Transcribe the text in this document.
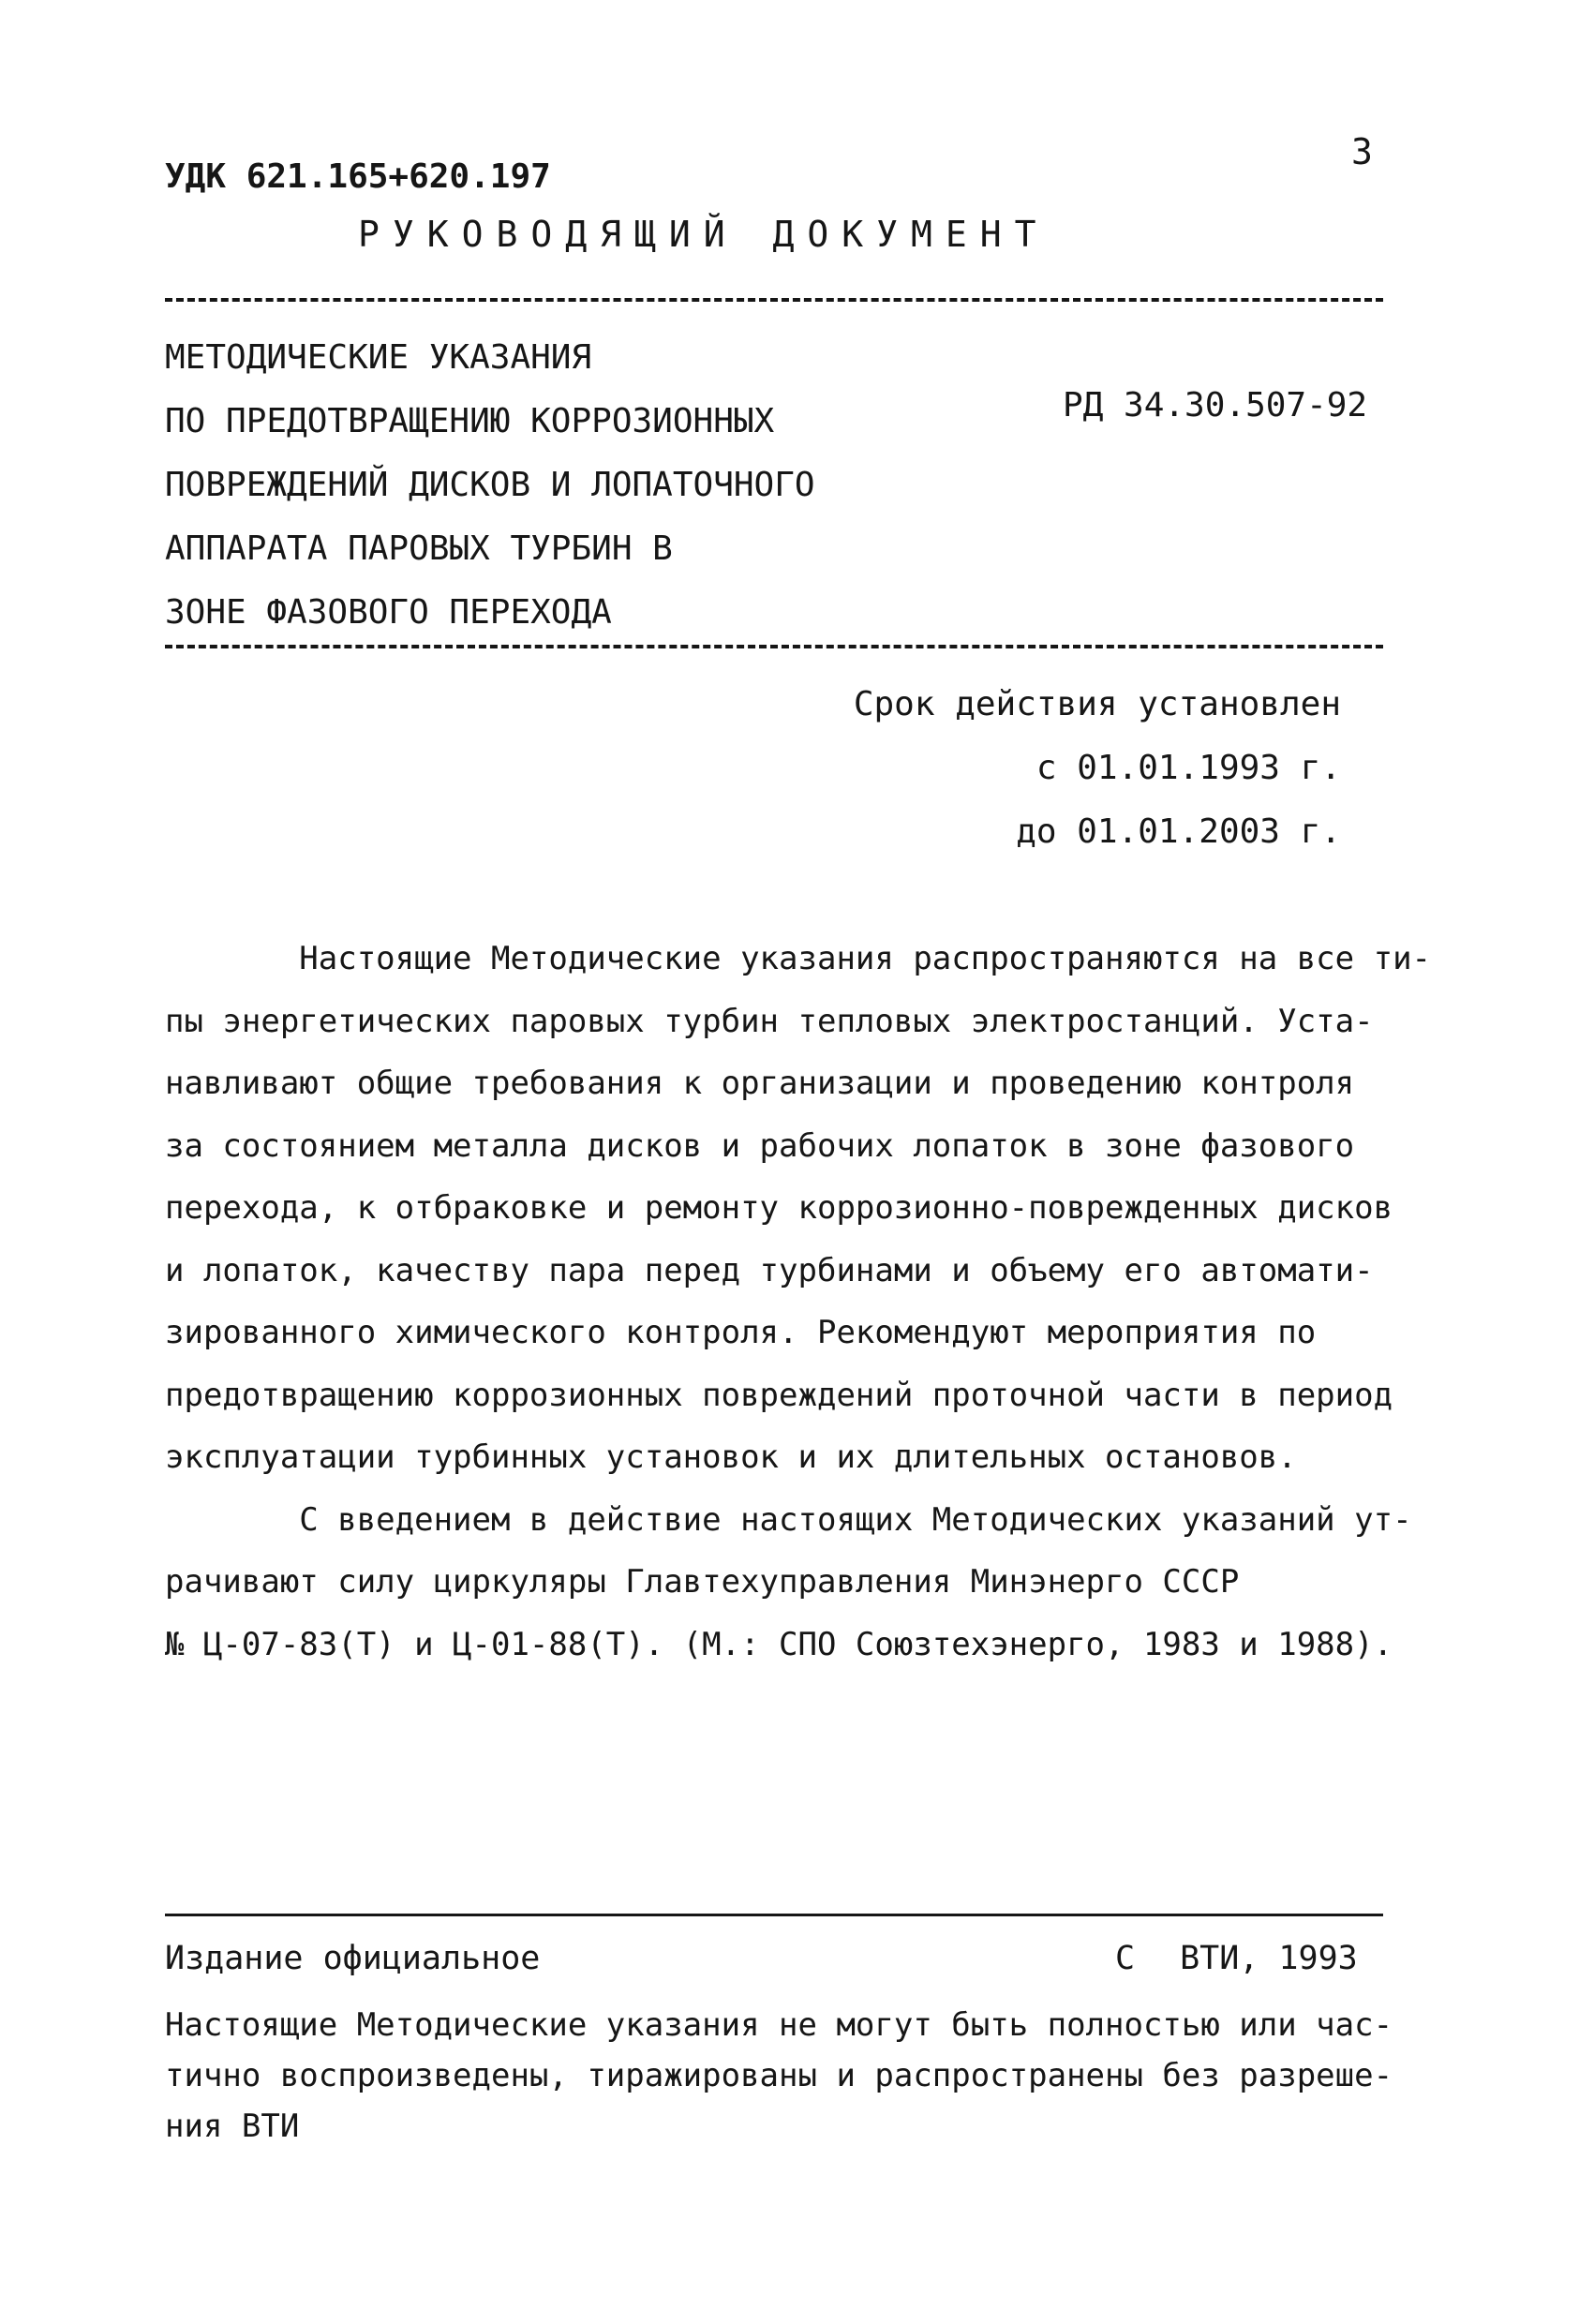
3
УДК 621.165+620.197
РУКОВОДЯЩИЙ ДОКУМЕНТ
МЕТОДИЧЕСКИЕ УКАЗАНИЯ
ПО ПРЕДОТВРАЩЕНИЮ КОРРОЗИОННЫХ
ПОВРЕЖДЕНИЙ ДИСКОВ И ЛОПАТОЧНОГО
АППАРАТА ПАРОВЫХ ТУРБИН В
ЗОНЕ ФАЗОВОГО ПЕРЕХОДА
РД 34.30.507-92
Срок действия установлен
с 01.01.1993 г.
до 01.01.2003 г.
Настоящие Методические указания распространяются на все ти-
пы энергетических паровых турбин тепловых электростанций. Уста-
навливают общие требования к организации и проведению контроля
за состоянием металла дисков и рабочих лопаток в зоне фазового
перехода, к отбраковке и ремонту коррозионно-поврежденных дисков
и лопаток, качеству пара перед турбинами и объему его автомати-
зированного химического контроля. Рекомендуют мероприятия по
предотвращению коррозионных повреждений проточной части в период
эксплуатации турбинных установок и их длительных остановов.
С введением в действие настоящих Методических указаний ут-
рачивают силу циркуляры Главтехуправления Минэнерго СССР
№ Ц-07-83(Т) и Ц-01-88(Т). (М.: СПО Союзтехэнерго, 1983 и 1988).
Издание официальное	С ВТИ, 1993
Настоящие Методические указания не могут быть полностью или час-
тично воспроизведены, тиражированы и распространены без разреше-
ния ВТИ
